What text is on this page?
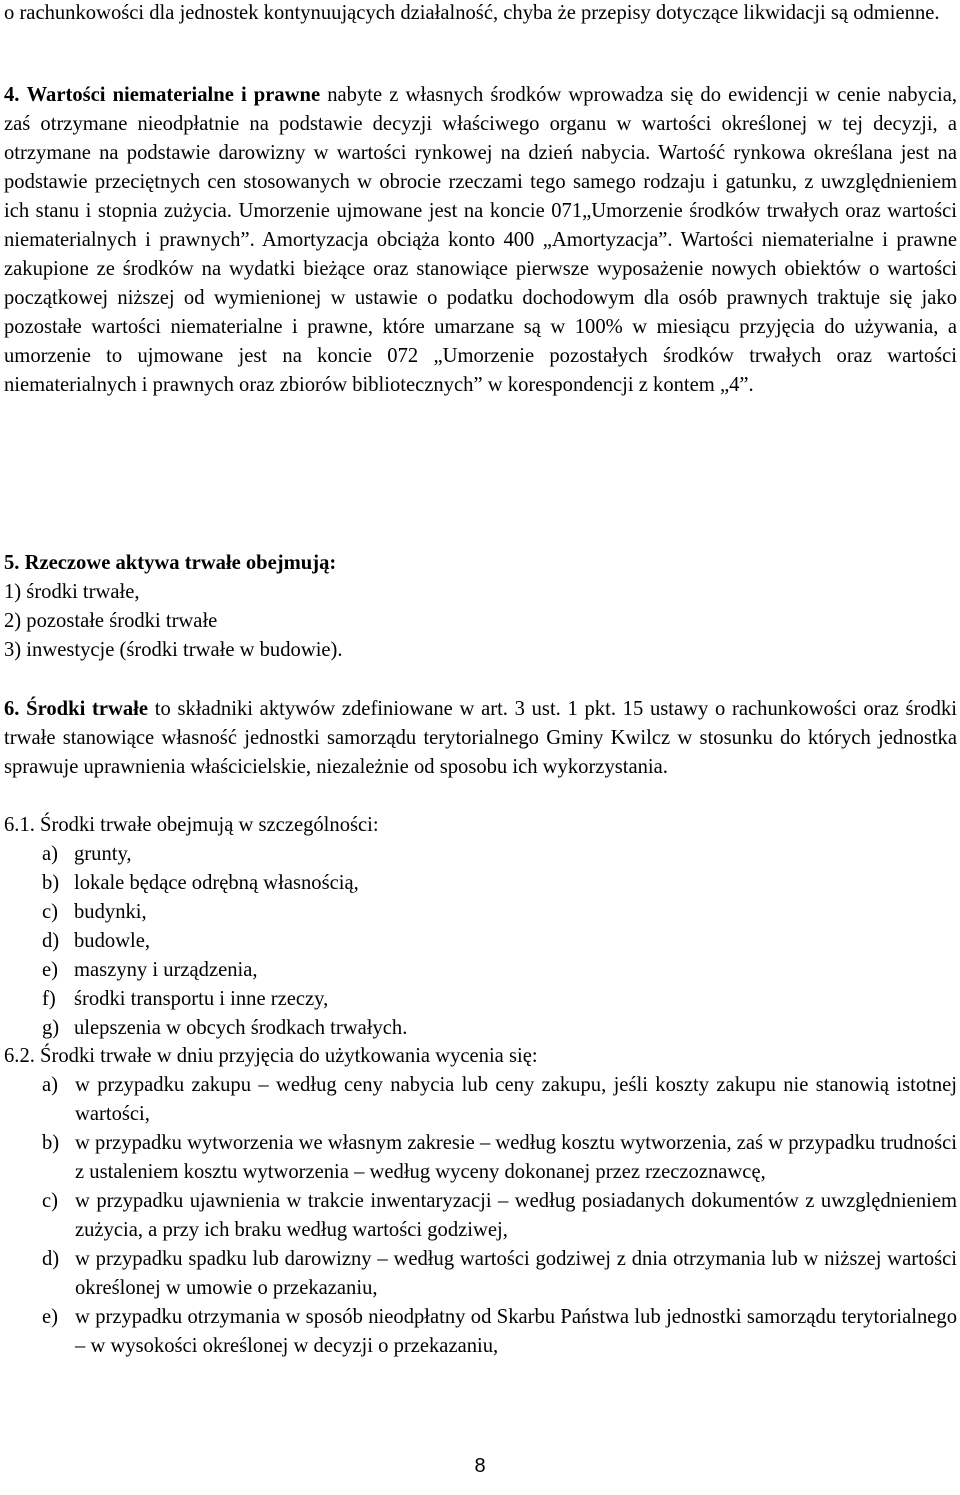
o rachunkowości dla jednostek kontynuujących działalność, chyba że przepisy dotyczące likwidacji są odmienne.

4. Wartości niematerialne i prawne nabyte z własnych środków wprowadza się do ewidencji w cenie nabycia, zaś otrzymane nieodpłatnie na podstawie decyzji właściwego organu w wartości określonej w tej decyzji, a otrzymane na podstawie darowizny w wartości rynkowej na dzień nabycia. Wartość rynkowa określana jest na podstawie przeciętnych cen stosowanych w obrocie rzeczami tego samego rodzaju i gatunku, z uwzględnieniem ich stanu i stopnia zużycia. Umorzenie ujmowane jest na koncie 071„Umorzenie środków trwałych oraz wartości niematerialnych i prawnych”. Amortyzacja obciąża konto 400 „Amortyzacja”. Wartości niematerialne i prawne zakupione ze środków na wydatki bieżące oraz stanowiące pierwsze wyposażenie nowych obiektów o wartości początkowej niższej od wymienionej w ustawie o podatku dochodowym dla osób prawnych traktuje się jako pozostałe wartości niematerialne i prawne, które umarzane są w 100% w miesiącu przyjęcia do używania, a umorzenie to ujmowane jest na koncie 072 „Umorzenie pozostałych środków trwałych oraz wartości niematerialnych i prawnych oraz zbiorów bibliotecznych” w korespondencji z kontem „4”.

5. Rzeczowe aktywa trwałe obejmują:

1) środki trwałe,
2) pozostałe środki trwałe
3) inwestycje (środki trwałe w budowie).

6. Środki trwałe to składniki aktywów zdefiniowane w art. 3 ust. 1 pkt. 15 ustawy o rachunkowości oraz środki trwałe stanowiące własność jednostki samorządu terytorialnego Gminy Kwilcz w stosunku do których jednostka sprawuje uprawnienia właścicielskie, niezależnie od sposobu ich wykorzystania.

6.1. Środki trwałe obejmują w szczególności:

a) grunty,
b) lokale będące odrębną własnością,
c) budynki,
d) budowle,
e) maszyny i urządzenia,
f) środki transportu i inne rzeczy,
g) ulepszenia w obcych środkach trwałych.

6.2. Środki trwałe w dniu przyjęcia do użytkowania wycenia się:

a) w przypadku zakupu – według ceny nabycia lub ceny zakupu, jeśli koszty zakupu nie stanowią istotnej wartości,
b) w przypadku wytworzenia we własnym zakresie – według kosztu wytworzenia, zaś w przypadku trudności z ustaleniem kosztu wytworzenia – według wyceny dokonanej przez rzeczoznawcę,
c) w przypadku ujawnienia w trakcie inwentaryzacji – według posiadanych dokumentów z uwzględnieniem zużycia, a przy ich braku według wartości godziwej,
d) w przypadku spadku lub darowizny – według wartości godziwej z dnia otrzymania lub w niższej wartości określonej w umowie o przekazaniu,
e) w przypadku otrzymania w sposób nieodpłatny od Skarbu Państwa lub jednostki samorządu terytorialnego – w wysokości określonej w decyzji o przekazaniu,
8
